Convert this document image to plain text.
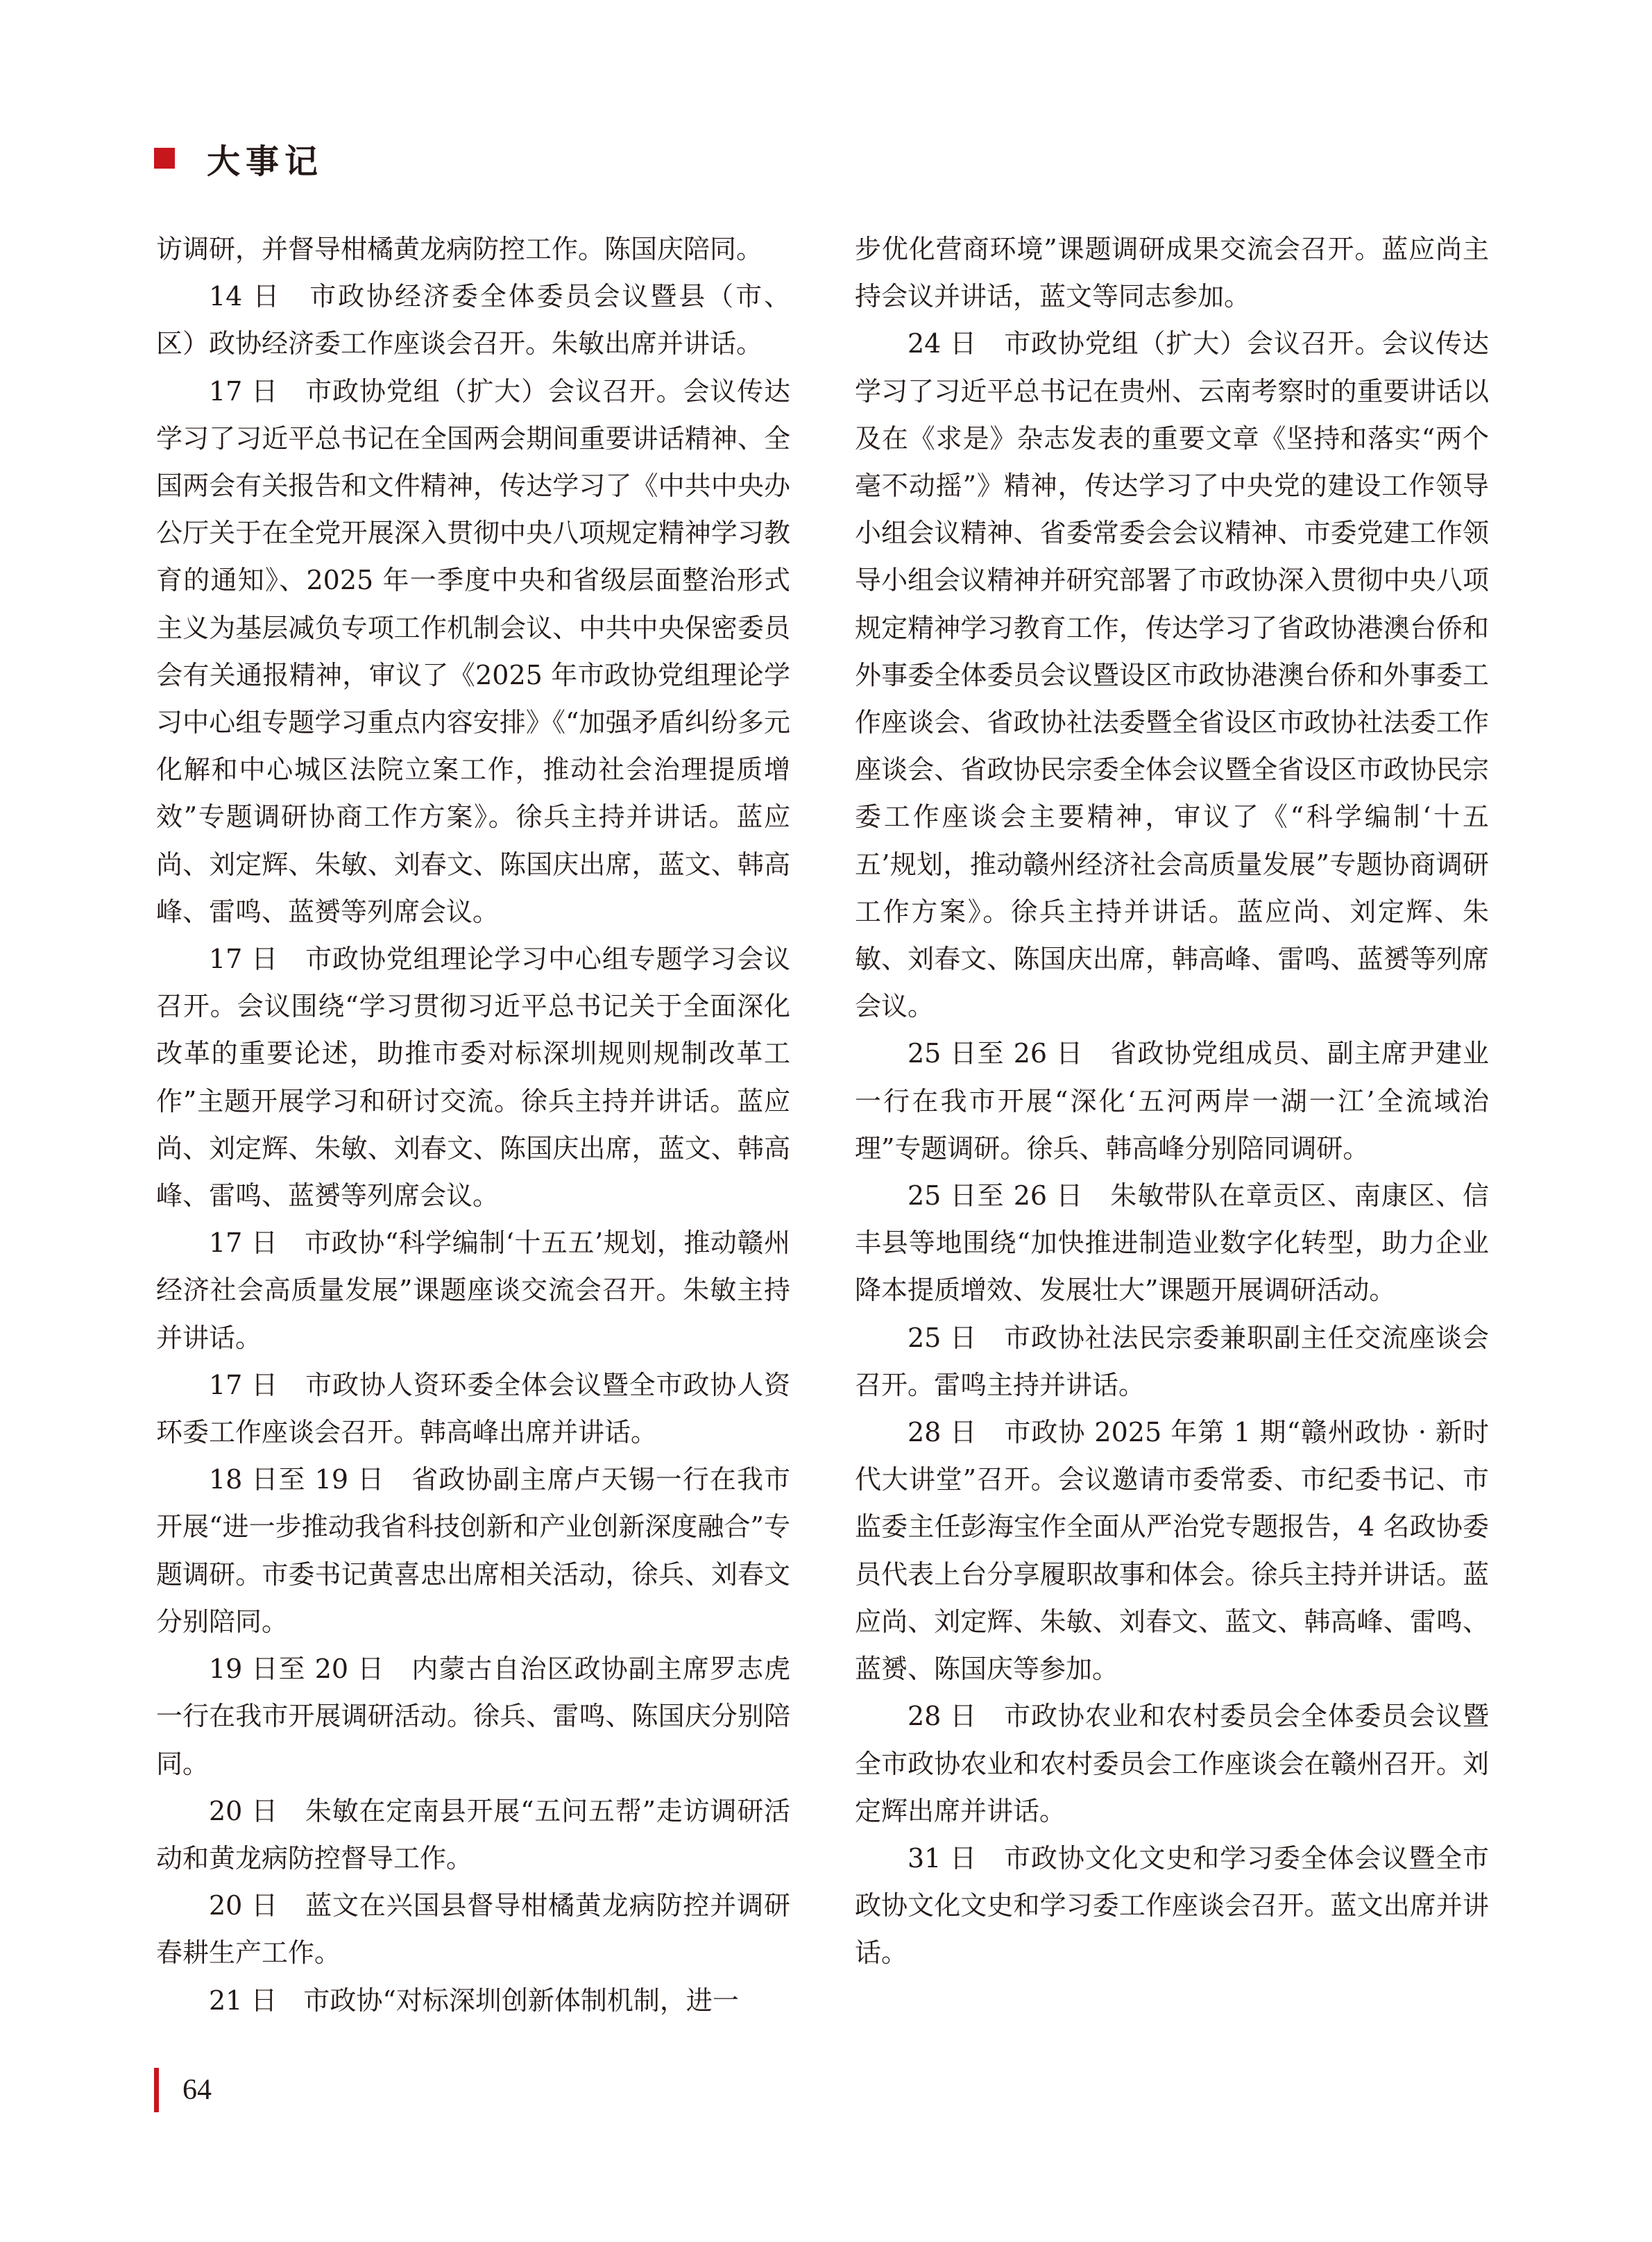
大事记

访调研，并督导柑橘黄龙病防控工作。陈国庆陪同。

14 日　市政协经济委全体委员会议暨县（市、区）政协经济委工作座谈会召开。朱敏出席并讲话。

17 日　市政协党组（扩大）会议召开。会议传达学习了习近平总书记在全国两会期间重要讲话精神、全国两会有关报告和文件精神，传达学习了《中共中央办公厅关于在全党开展深入贯彻中央八项规定精神学习教育的通知》、2025 年一季度中央和省级层面整治形式主义为基层减负专项工作机制会议、中共中央保密委员会有关通报精神，审议了《2025 年市政协党组理论学习中心组专题学习重点内容安排》《“加强矛盾纠纷多元化解和中心城区法院立案工作，推动社会治理提质增效”专题调研协商工作方案》。徐兵主持并讲话。蓝应尚、刘定辉、朱敏、刘春文、陈国庆出席，蓝文、韩高峰、雷鸣、蓝赟等列席会议。

17 日　市政协党组理论学习中心组专题学习会议召开。会议围绕“学习贯彻习近平总书记关于全面深化改革的重要论述，助推市委对标深圳规则规制改革工作”主题开展学习和研讨交流。徐兵主持并讲话。蓝应尚、刘定辉、朱敏、刘春文、陈国庆出席，蓝文、韩高峰、雷鸣、蓝赟等列席会议。

17 日　市政协“科学编制‘十五五’规划，推动赣州经济社会高质量发展”课题座谈交流会召开。朱敏主持并讲话。

17 日　市政协人资环委全体会议暨全市政协人资环委工作座谈会召开。韩高峰出席并讲话。

18 日至 19 日　省政协副主席卢天锡一行在我市开展“进一步推动我省科技创新和产业创新深度融合”专题调研。市委书记黄喜忠出席相关活动，徐兵、刘春文分别陪同。

19 日至 20 日　内蒙古自治区政协副主席罗志虎一行在我市开展调研活动。徐兵、雷鸣、陈国庆分别陪同。

20 日　朱敏在定南县开展“五问五帮”走访调研活动和黄龙病防控督导工作。

20 日　蓝文在兴国县督导柑橘黄龙病防控并调研春耕生产工作。

21 日　市政协“对标深圳创新体制机制，进一

步优化营商环境”课题调研成果交流会召开。蓝应尚主持会议并讲话，蓝文等同志参加。

24 日　市政协党组（扩大）会议召开。会议传达学习了习近平总书记在贵州、云南考察时的重要讲话以及在《求是》杂志发表的重要文章《坚持和落实“两个毫不动摇”》精神，传达学习了中央党的建设工作领导小组会议精神、省委常委会会议精神、市委党建工作领导小组会议精神并研究部署了市政协深入贯彻中央八项规定精神学习教育工作，传达学习了省政协港澳台侨和外事委全体委员会议暨设区市政协港澳台侨和外事委工作座谈会、省政协社法委暨全省设区市政协社法委工作座谈会、省政协民宗委全体会议暨全省设区市政协民宗委工作座谈会主要精神，审议了《“科学编制‘十五五’规划，推动赣州经济社会高质量发展”专题协商调研工作方案》。徐兵主持并讲话。蓝应尚、刘定辉、朱敏、刘春文、陈国庆出席，韩高峰、雷鸣、蓝赟等列席会议。

25 日至 26 日　省政协党组成员、副主席尹建业一行在我市开展“深化‘五河两岸一湖一江’全流域治理”专题调研。徐兵、韩高峰分别陪同调研。

25 日至 26 日　朱敏带队在章贡区、南康区、信丰县等地围绕“加快推进制造业数字化转型，助力企业降本提质增效、发展壮大”课题开展调研活动。

25 日　市政协社法民宗委兼职副主任交流座谈会召开。雷鸣主持并讲话。

28 日　市政协 2025 年第 1 期“赣州政协 · 新时代大讲堂”召开。会议邀请市委常委、市纪委书记、市监委主任彭海宝作全面从严治党专题报告，4 名政协委员代表上台分享履职故事和体会。徐兵主持并讲话。蓝应尚、刘定辉、朱敏、刘春文、蓝文、韩高峰、雷鸣、蓝赟、陈国庆等参加。

28 日　市政协农业和农村委员会全体委员会议暨全市政协农业和农村委员会工作座谈会在赣州召开。刘定辉出席并讲话。

31 日　市政协文化文史和学习委全体会议暨全市政协文化文史和学习委工作座谈会召开。蓝文出席并讲话。

64
